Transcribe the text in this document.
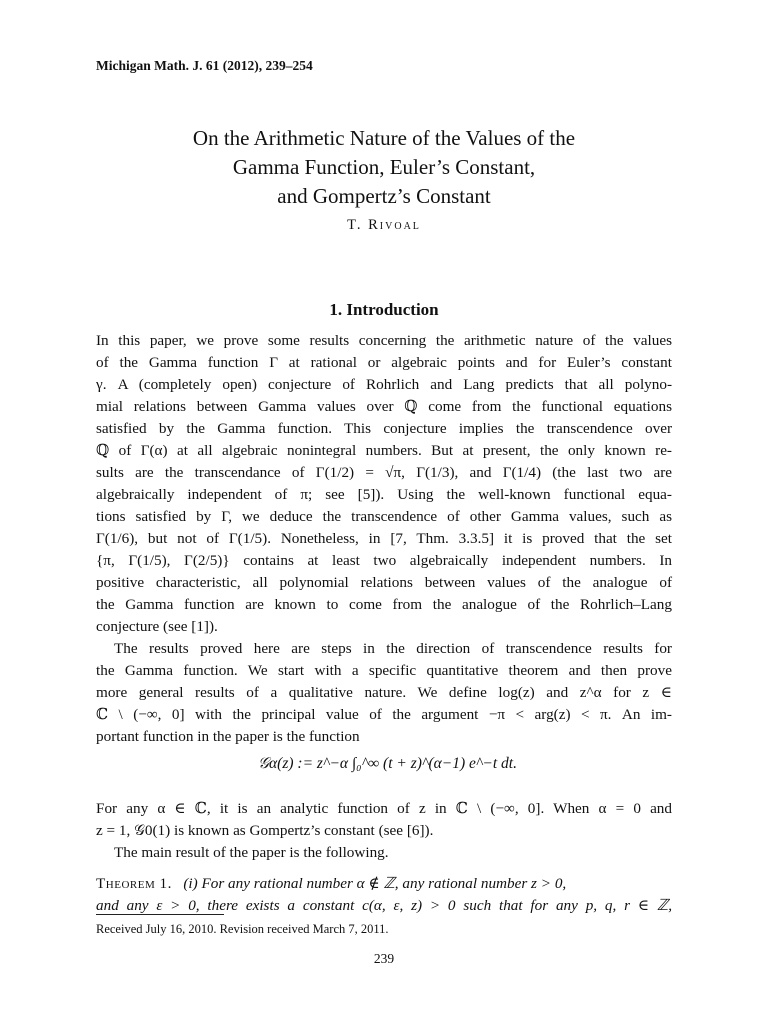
Michigan Math. J. 61 (2012), 239–254
On the Arithmetic Nature of the Values of the
Gamma Function, Euler’s Constant,
and Gompertz’s Constant
T. Rivoal
1. Introduction
In this paper, we prove some results concerning the arithmetic nature of the values
of the Gamma function Γ at rational or algebraic points and for Euler’s constant
γ. A (completely open) conjecture of Rohrlich and Lang predicts that all polyno-
mial relations between Gamma values over ℚ come from the functional equations
satisfied by the Gamma function. This conjecture implies the transcendence over
ℚ of Γ(α) at all algebraic nonintegral numbers. But at present, the only known re-
sults are the transcendance of Γ(1/2) = √π, Γ(1/3), and Γ(1/4) (the last two are
algebraically independent of π; see [5]). Using the well-known functional equa-
tions satisfied by Γ, we deduce the transcendence of other Gamma values, such as
Γ(1/6), but not of Γ(1/5). Nonetheless, in [7, Thm. 3.3.5] it is proved that the set
{π, Γ(1/5), Γ(2/5)} contains at least two algebraically independent numbers. In
positive characteristic, all polynomial relations between values of the analogue of
the Gamma function are known to come from the analogue of the Rohrlich–Lang
conjecture (see [1]).
The results proved here are steps in the direction of transcendence results for
the Gamma function. We start with a specific quantitative theorem and then prove
more general results of a qualitative nature. We define log(z) and z^α for z ∈
ℂ \ (−∞, 0] with the principal value of the argument −π < arg(z) < π. An im-
portant function in the paper is the function
𝒢α(z) := z^−α ∫₀^∞ (t + z)^(α−1) e^−t dt.
For any α ∈ ℂ, it is an analytic function of z in ℂ \ (−∞, 0]. When α = 0 and
z = 1, 𝒢0(1) is known as Gompertz’s constant (see [6]).
The main result of the paper is the following.
Theorem 1. (i) For any rational number α ∉ ℤ, any rational number z > 0,
and any ε > 0, there exists a constant c(α, ε, z) > 0 such that for any p, q, r ∈ ℤ,
Received July 16, 2010. Revision received March 7, 2011.
239
